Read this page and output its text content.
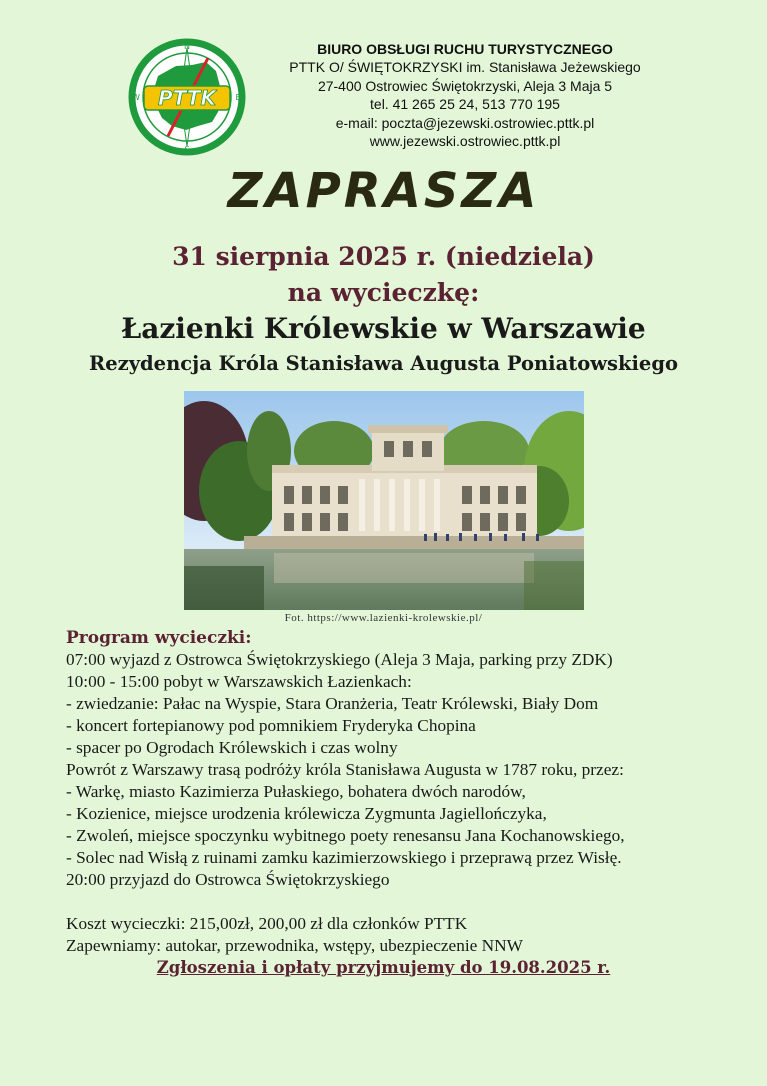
PTTK
N
E
S
W
BIURO OBSŁUGI RUCHU TURYSTYCZNEGO
PTTK O/ ŚWIĘTOKRZYSKI im. Stanisława Jeżewskiego
27-400 Ostrowiec Świętokrzyski, Aleja 3 Maja 5
tel. 41 265 25 24, 513 770 195
e-mail: poczta@jezewski.ostrowiec.pttk.pl
www.jezewski.ostrowiec.pttk.pl
ZAPRASZA
31 sierpnia 2025 r. (niedziela)
na wycieczkę:
Łazienki Królewskie w Warszawie
Rezydencja Króla Stanisława Augusta Poniatowskiego
Fot. https://www.lazienki-krolewskie.pl/
Program wycieczki:
07:00 wyjazd z Ostrowca Świętokrzyskiego (Aleja 3 Maja, parking przy ZDK)
10:00 - 15:00 pobyt w Warszawskich Łazienkach:
- zwiedzanie: Pałac na Wyspie, Stara Oranżeria, Teatr Królewski, Biały Dom
- koncert fortepianowy pod pomnikiem Fryderyka Chopina
- spacer po Ogrodach Królewskich i czas wolny
Powrót z Warszawy trasą podróży króla Stanisława Augusta w 1787 roku, przez:
- Warkę, miasto Kazimierza Pułaskiego, bohatera dwóch narodów,
- Kozienice, miejsce urodzenia królewicza Zygmunta Jagiellończyka,
- Zwoleń, miejsce spoczynku wybitnego poety renesansu Jana Kochanowskiego,
- Solec nad Wisłą z ruinami zamku kazimierzowskiego i przeprawą przez Wisłę.
20:00 przyjazd do Ostrowca Świętokrzyskiego
Koszt wycieczki: 215,00zł, 200,00 zł dla członków PTTK
Zapewniamy: autokar, przewodnika, wstępy, ubezpieczenie NNW
Zgłoszenia i opłaty przyjmujemy do 19.08.2025 r.
